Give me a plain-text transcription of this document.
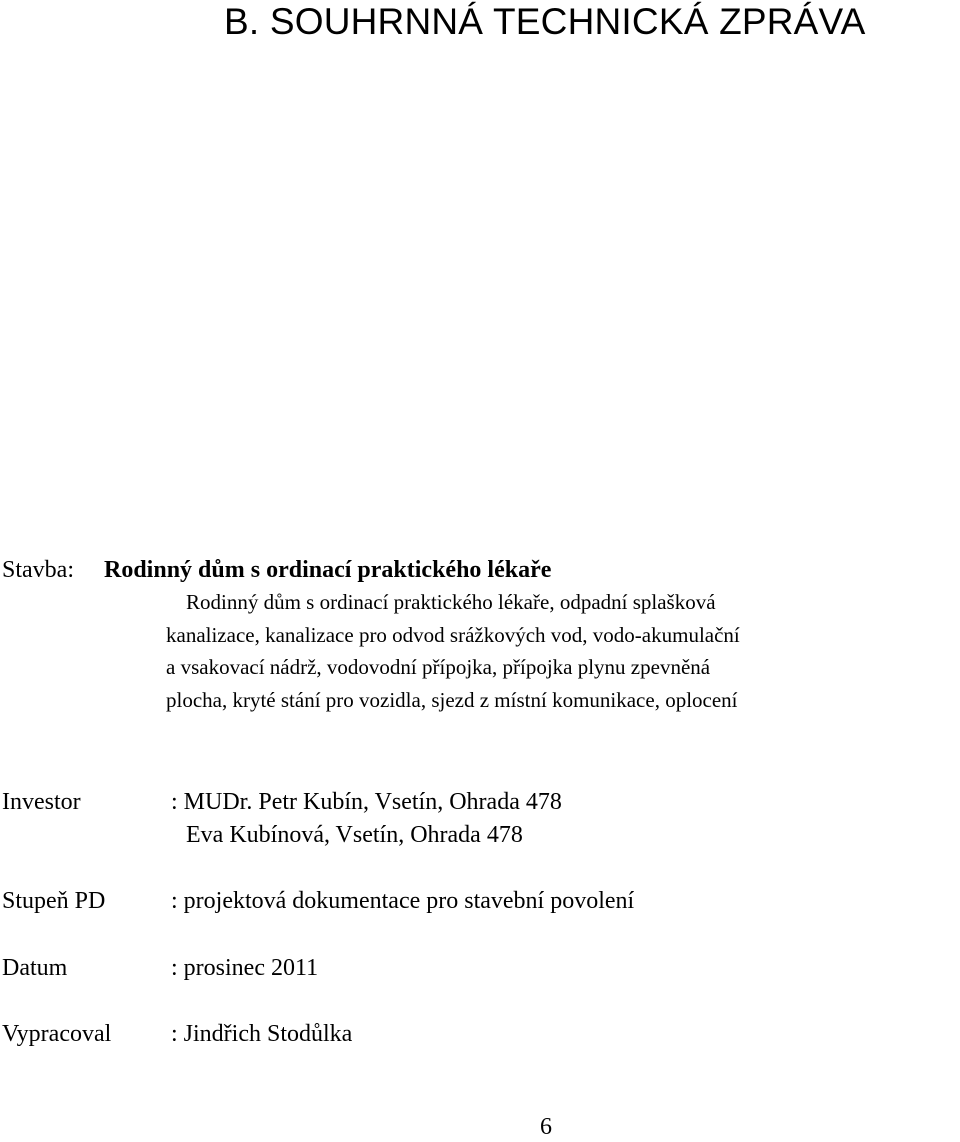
B. SOUHRNNÁ TECHNICKÁ ZPRÁVA
Stavba: Rodinný dům s ordinací praktického lékaře
Rodinný dům s ordinací praktického lékaře, odpadní splašková
kanalizace, kanalizace pro odvod srážkových vod, vodo-akumulační
a vsakovací nádrž, vodovodní přípojka, přípojka plynu zpevněná
plocha, kryté stání pro vozidla, sjezd z místní komunikace, oplocení
Investor	: MUDr. Petr Kubín, Vsetín, Ohrada 478
Eva Kubínová, Vsetín, Ohrada 478
Stupeň PD	: projektová dokumentace pro stavební povolení
Datum	: prosinec 2011
Vypracoval : Jindřich Stodůlka
6
